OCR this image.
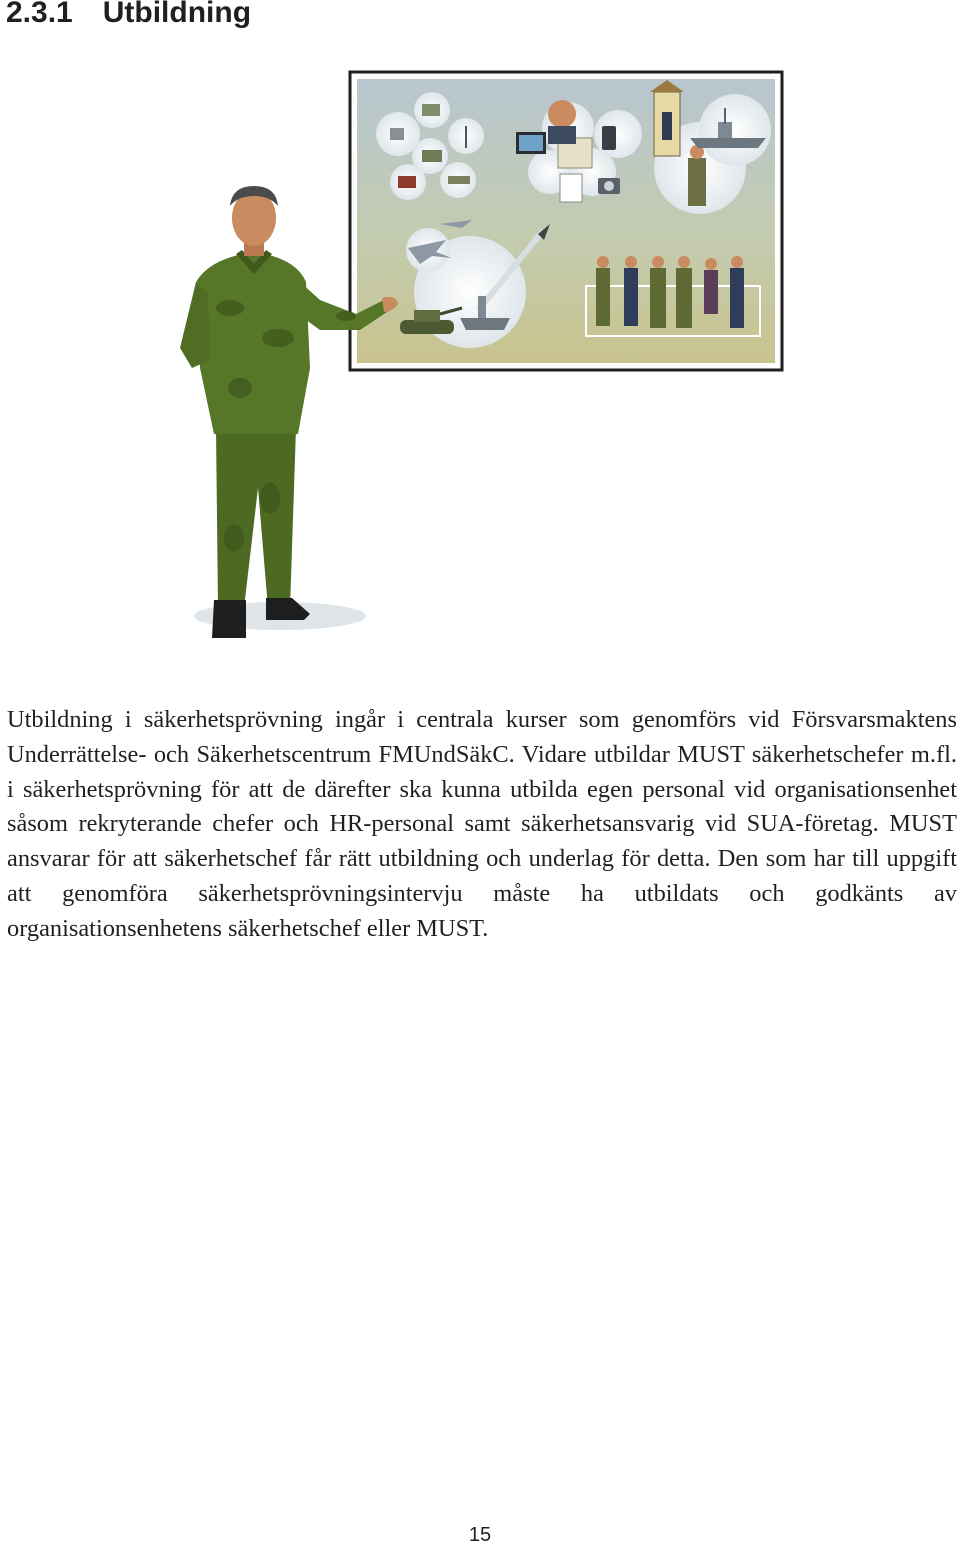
2.3.1 Utbildning

Utbildning i säkerhetsprövning ingår i centrala kurser som genomförs vid Försvarsmaktens Underrättelse- och Säkerhetscentrum FMUndSäkC. Vidare utbildar MUST säkerhetschefer m.fl. i säkerhetsprövning för att de därefter ska kunna utbilda egen personal vid organisationsenhet såsom rekryterande chefer och HR-personal samt säkerhetsansvarig vid SUA-företag. MUST ansvarar för att säkerhetschef får rätt utbildning och underlag för detta. Den som har till uppgift att genomföra säkerhetsprövningsintervju måste ha utbildats och godkänts av organisationsenhetens säkerhetschef eller MUST.

15
